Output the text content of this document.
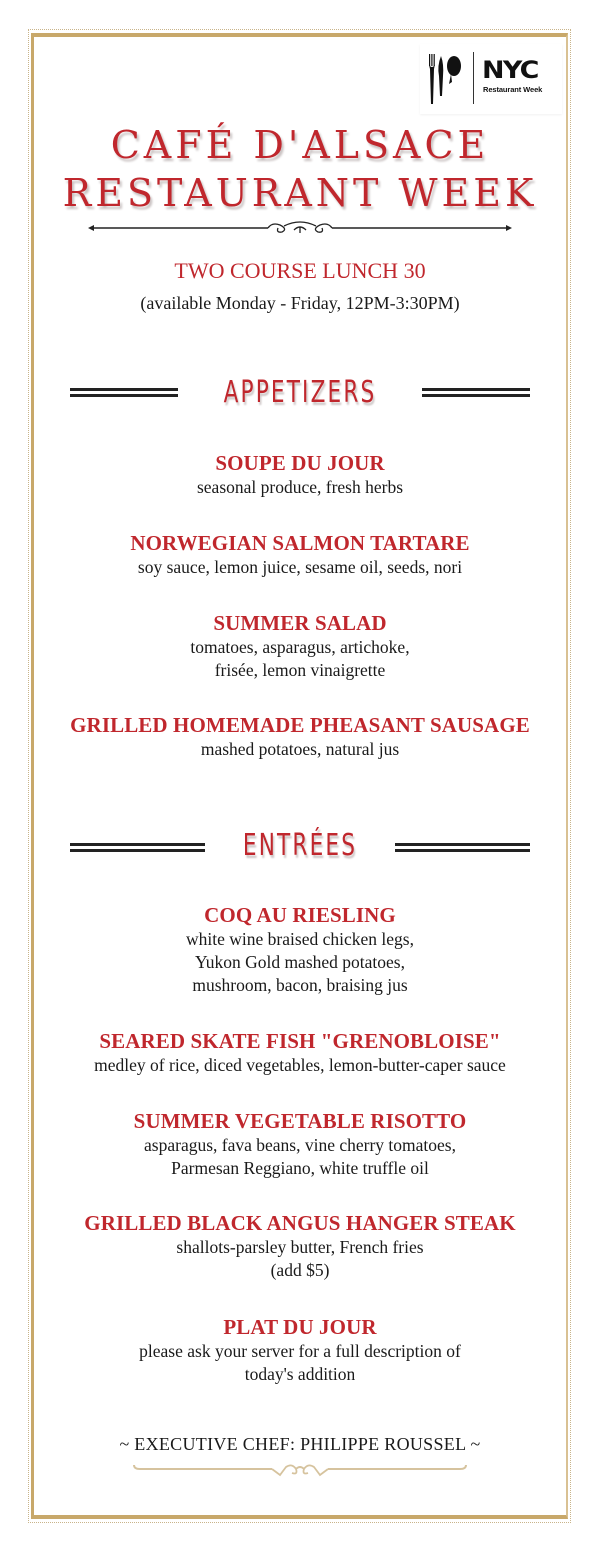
NYC
Restaurant Week
CAFÉ D'ALSACE
RESTAURANT WEEK
TWO COURSE LUNCH 30
(available Monday - Friday, 12PM-3:30PM)
APPETIZERS
SOUPE DU JOUR
seasonal produce, fresh herbs
NORWEGIAN SALMON TARTARE
soy sauce, lemon juice, sesame oil, seeds, nori
SUMMER SALAD
tomatoes, asparagus, artichoke,
frisée, lemon vinaigrette
GRILLED HOMEMADE PHEASANT SAUSAGE
mashed potatoes, natural jus
ENTRÉES
COQ AU RIESLING
white wine braised chicken legs,
Yukon Gold mashed potatoes,
mushroom, bacon, braising jus
SEARED SKATE FISH "GRENOBLOISE"
medley of rice, diced vegetables, lemon-butter-caper sauce
SUMMER VEGETABLE RISOTTO
asparagus, fava beans, vine cherry tomatoes,
Parmesan Reggiano, white truffle oil
GRILLED BLACK ANGUS HANGER STEAK
shallots-parsley butter, French fries
(add $5)
PLAT DU JOUR
please ask your server for a full description of
today's addition
~ EXECUTIVE CHEF: PHILIPPE ROUSSEL ~
